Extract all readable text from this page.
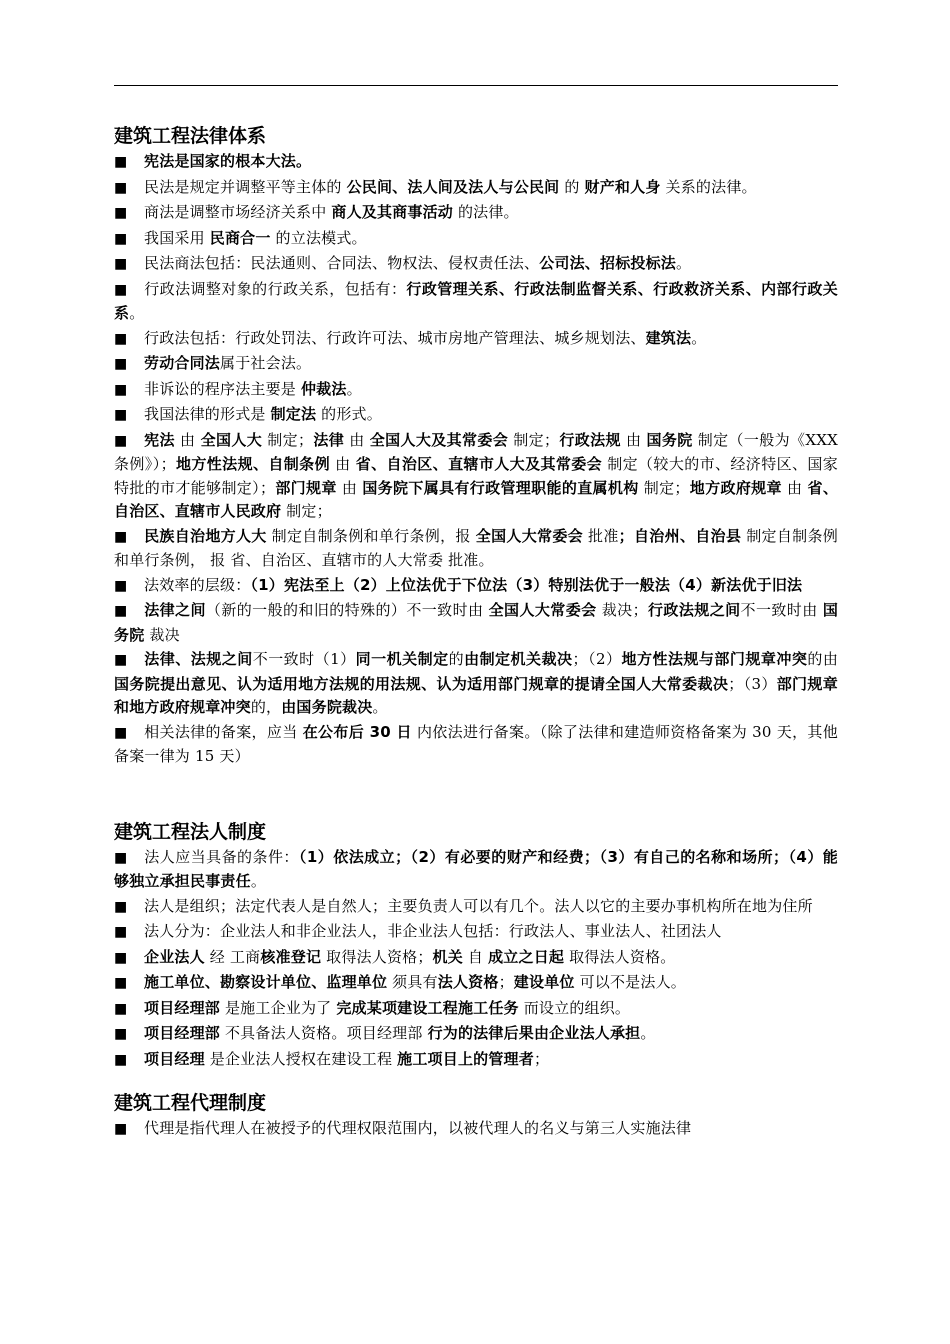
建筑工程法律体系
■ 宪法是国家的根本大法。
■ 民法是规定并调整平等主体的 公民间、法人间及法人与公民间 的 财产和人身 关系的法律。
■ 商法是调整市场经济关系中 商人及其商事活动 的法律。
■ 我国采用 民商合一 的立法模式。
■ 民法商法包括：民法通则、合同法、物权法、侵权责任法、公司法、招标投标法。
■ 行政法调整对象的行政关系，包括有：行政管理关系、行政法制监督关系、行政救济关系、内部行政关系。
■ 行政法包括：行政处罚法、行政许可法、城市房地产管理法、城乡规划法、建筑法。
■ 劳动合同法属于社会法。
■ 非诉讼的程序法主要是 仲裁法。
■ 我国法律的形式是 制定法 的形式。
■ 宪法 由 全国人大 制定；法律 由 全国人大及其常委会 制定；行政法规 由 国务院 制定（一般为《XXX 条例》）；地方性法规、自制条例 由 省、自治区、直辖市人大及其常委会 制定（较大的市、经济特区、国家特批的市才能够制定）；部门规章 由 国务院下属具有行政管理职能的直属机构 制定；地方政府规章 由 省、自治区、直辖市人民政府 制定；
■ 民族自治地方人大 制定自制条例和单行条例，报 全国人大常委会 批准；自治州、自治县 制定自制条例和单行条例， 报 省、自治区、直辖市的人大常委 批准。
■ 法效率的层级：（1）宪法至上（2）上位法优于下位法（3）特别法优于一般法（4）新法优于旧法
■ 法律之间（新的一般的和旧的特殊的）不一致时由 全国人大常委会 裁决；行政法规之间不一致时由 国务院 裁决
■ 法律、法规之间不一致时（1）同一机关制定的由制定机关裁决；（2）地方性法规与部门规章冲突的由国务院提出意见、认为适用地方法规的用法规、认为适用部门规章的提请全国人大常委裁决；（3）部门规章和地方政府规章冲突的，由国务院裁决。
■ 相关法律的备案，应当 在公布后 30 日 内依法进行备案。（除了法律和建造师资格备案为 30 天，其他备案一律为 15 天）
建筑工程法人制度
■ 法人应当具备的条件：（1）依法成立；（2）有必要的财产和经费；（3）有自己的名称和场所；（4）能够独立承担民事责任。
■ 法人是组织；法定代表人是自然人；主要负责人可以有几个。法人以它的主要办事机构所在地为住所
■ 法人分为：企业法人和非企业法人，非企业法人包括：行政法人、事业法人、社团法人
■ 企业法人 经 工商核准登记 取得法人资格；机关 自 成立之日起 取得法人资格。
■ 施工单位、勘察设计单位、监理单位 须具有法人资格；建设单位 可以不是法人。
■ 项目经理部 是施工企业为了 完成某项建设工程施工任务 而设立的组织。
■ 项目经理部 不具备法人资格。项目经理部 行为的法律后果由企业法人承担。
■ 项目经理 是企业法人授权在建设工程 施工项目上的管理者；
建筑工程代理制度
■ 代理是指代理人在被授予的代理权限范围内，以被代理人的名义与第三人实施法律
